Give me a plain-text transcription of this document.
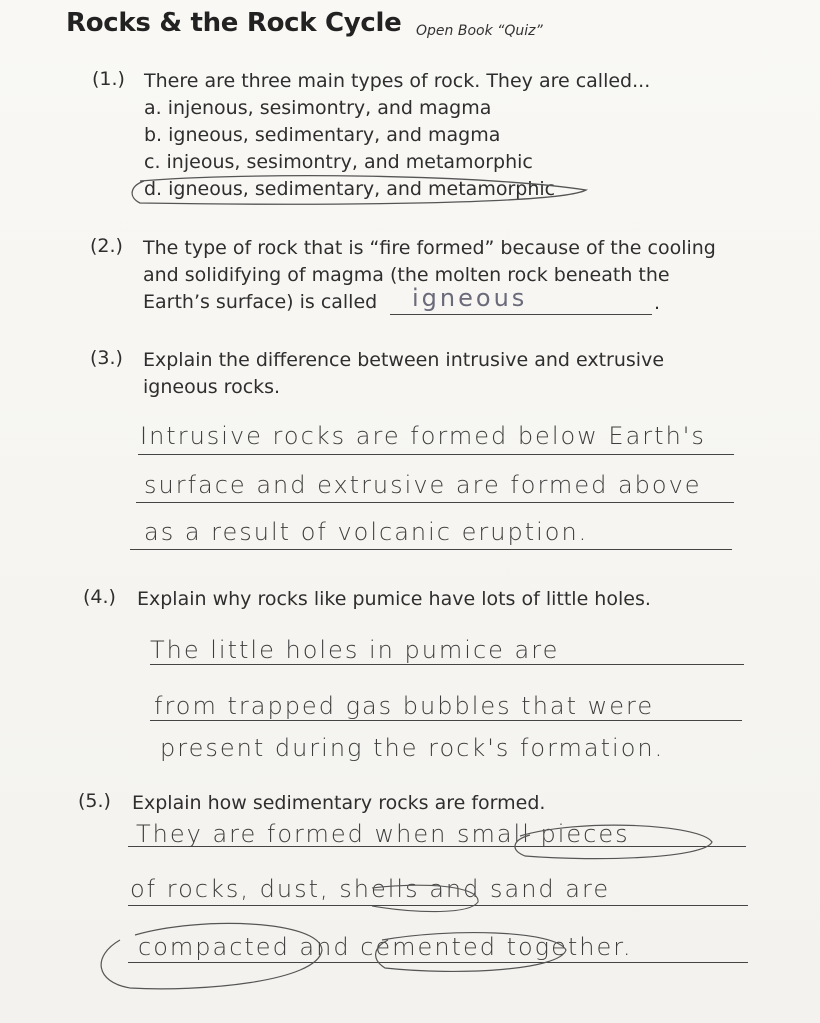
Rocks & the Rock Cycle Open Book “Quiz”
(1.) There are three main types of rock. They are called...
a. injenous, sesimontry, and magma
b. igneous, sedimentary, and magma
c. injeous, sesimontry, and metamorphic
d. igneous, sedimentary, and metamorphic
(2.) The type of rock that is “fire formed” because of the cooling
and solidifying of magma (the molten rock beneath the
Earth’s surface) is called	igneous	.
(3.) Explain the difference between intrusive and extrusive
igneous rocks.
Intrusive rocks are formed below Earth's
surface and extrusive are formed above
as a result of volcanic eruption.
(4.) Explain why rocks like pumice have lots of little holes.
The little holes in pumice are
from trapped gas bubbles that were
present during the rock's formation.
(5.) Explain how sedimentary rocks are formed.
They are formed when small pieces
of rocks, dust, shells and sand are
compacted and cemented together.
